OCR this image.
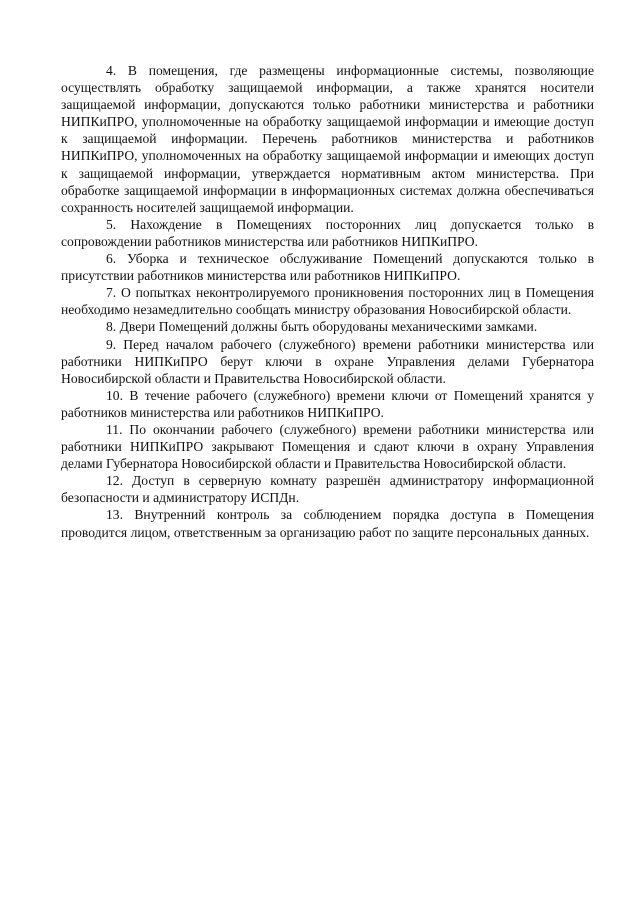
4. В помещения, где размещены информационные системы, позволяющие осуществлять обработку защищаемой информации, а также хранятся носители защищаемой информации, допускаются только работники министерства и работники НИПКиПРО, уполномоченные на обработку защищаемой информации и имеющие доступ к защищаемой информации. Перечень работников министерства и работников НИПКиПРО, уполномоченных на обработку защищаемой информации и имеющих доступ к защищаемой информации, утверждается нормативным актом министерства. При обработке защищаемой информации в информационных системах должна обеспечиваться сохранность носителей защищаемой информации.

5. Нахождение в Помещениях посторонних лиц допускается только в сопровождении работников министерства или работников НИПКиПРО.

6. Уборка и техническое обслуживание Помещений допускаются только в присутствии работников министерства или работников НИПКиПРО.

7. О попытках неконтролируемого проникновения посторонних лиц в Помещения необходимо незамедлительно сообщать министру образования Новосибирской области.

8. Двери Помещений должны быть оборудованы механическими замками.

9. Перед началом рабочего (служебного) времени работники министерства или работники НИПКиПРО берут ключи в охране Управления делами Губернатора Новосибирской области и Правительства Новосибирской области.

10. В течение рабочего (служебного) времени ключи от Помещений хранятся у работников министерства или работников НИПКиПРО.

11. По окончании рабочего (служебного) времени работники министерства или работники НИПКиПРО закрывают Помещения и сдают ключи в охрану Управления делами Губернатора Новосибирской области и Правительства Новосибирской области.

12. Доступ в серверную комнату разрешён администратору информационной безопасности и администратору ИСПДн.

13. Внутренний контроль за соблюдением порядка доступа в Помещения проводится лицом, ответственным за организацию работ по защите персональных данных.
